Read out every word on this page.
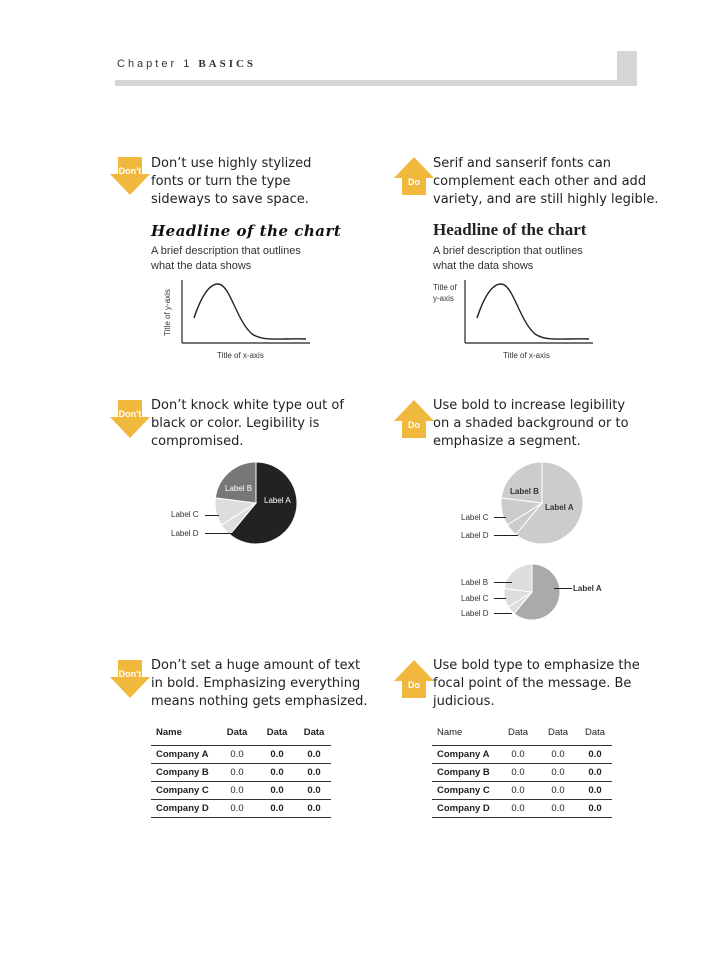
Chapter 1 BASICS
Don't Don’t use highly stylized
fonts or turn the type
sideways to save space.
Headline of the chart
A brief description that outlines
what the data shows
Title of y-axis
Title of x-axis
Do
Serif and sanserif fonts can
complement each other and add
variety, and are still highly legible.
Headline of the chart
A brief description that outlines
what the data shows
Title of
y-axis
Title of x-axis
Don't
Don’t knock white type out of
black or color. Legibility is
compromised.
Label B
Label A
Label C
Label D
Do
Use bold to increase legibility
on a shaded background or to
emphasize a segment.
Label B
Label A
Label C
Label D
Label B
Label C
Label D
Label A
Don't
Don’t set a huge amount of text
in bold. Emphasizing everything
means nothing gets emphasized.
Name	Data	Data	Data
Company A	0.0	0.0	0.0
Company B	0.0	0.0	0.0
Company C	0.0	0.0	0.0
Company D	0.0	0.0	0.0
Do
Use bold type to emphasize the
focal point of the message. Be
judicious.
Name	Data	Data	Data
Company A	0.0	0.0	0.0
Company B	0.0	0.0	0.0
Company C	0.0	0.0	0.0
Company D	0.0	0.0	0.0
